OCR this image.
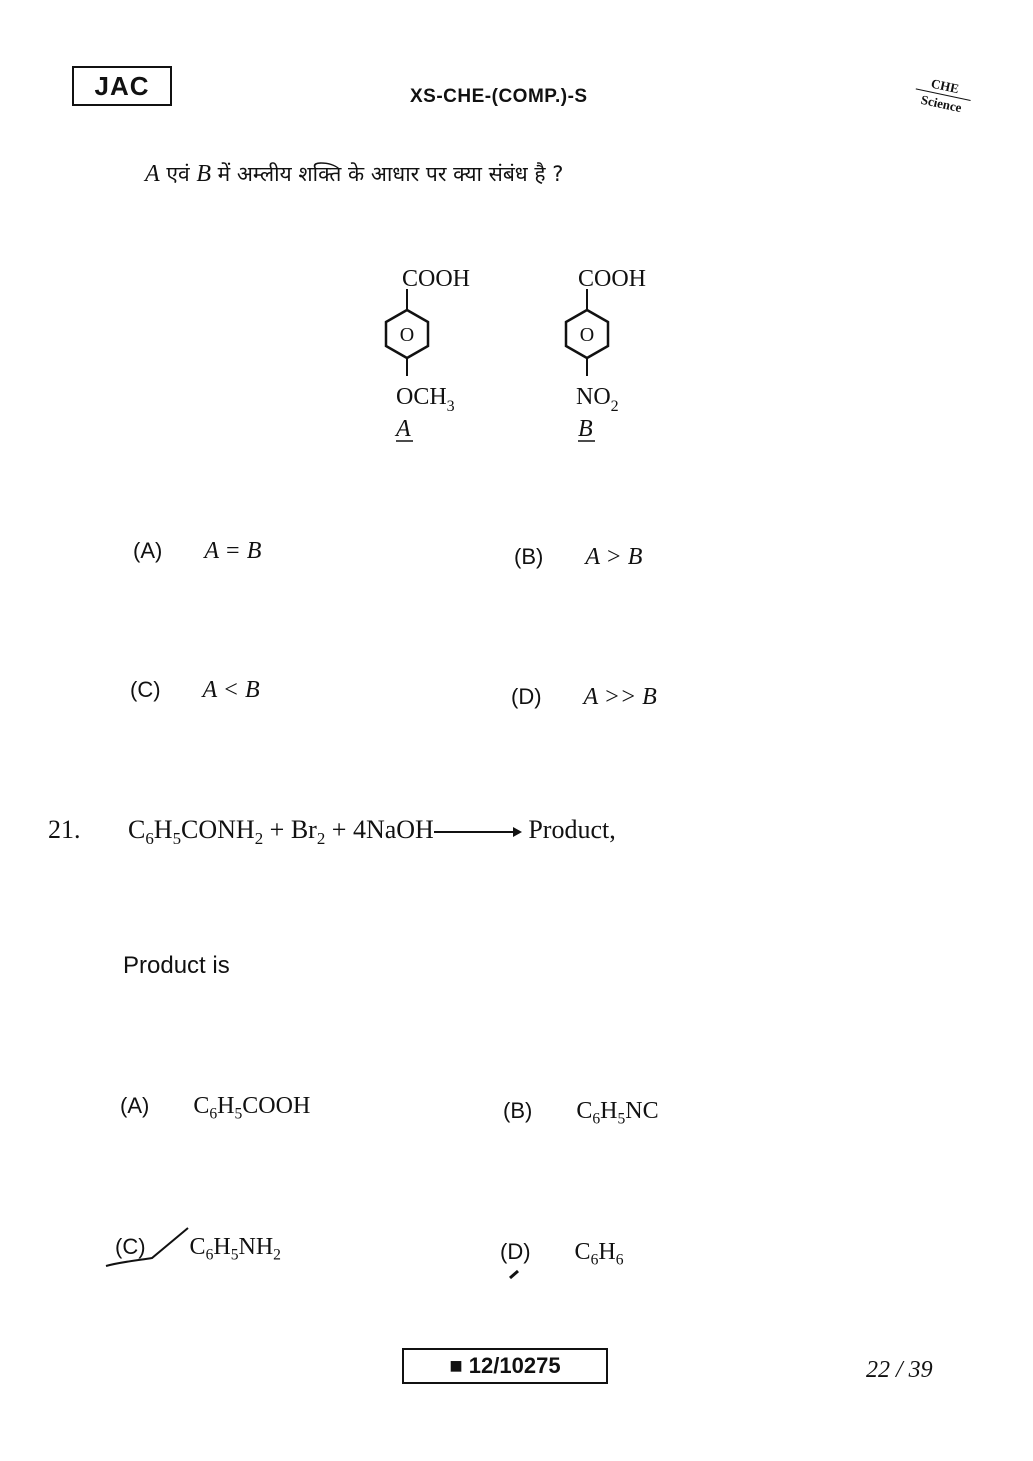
JAC	XS-CHE-(COMP.)-S
CHE
Science
A एवं B में अम्लीय शक्ति के आधार पर क्या संबंध है ?
COOH
O
$OCH_3$
A
COOH
O
$NO_2$
B
(A) A = B	(B) A > B
(C) A < B	(D) A >> B
21. $C_6H_5CONH_2 + Br_2$ + 4NaOH	Product,
Product is
(A) $C_6H_5COOH$	(B) $C_6H_5NC$
(C) $C_6H_5NH_2$	(D) $C_6H_6$
■ 12/10275	22 / 39
